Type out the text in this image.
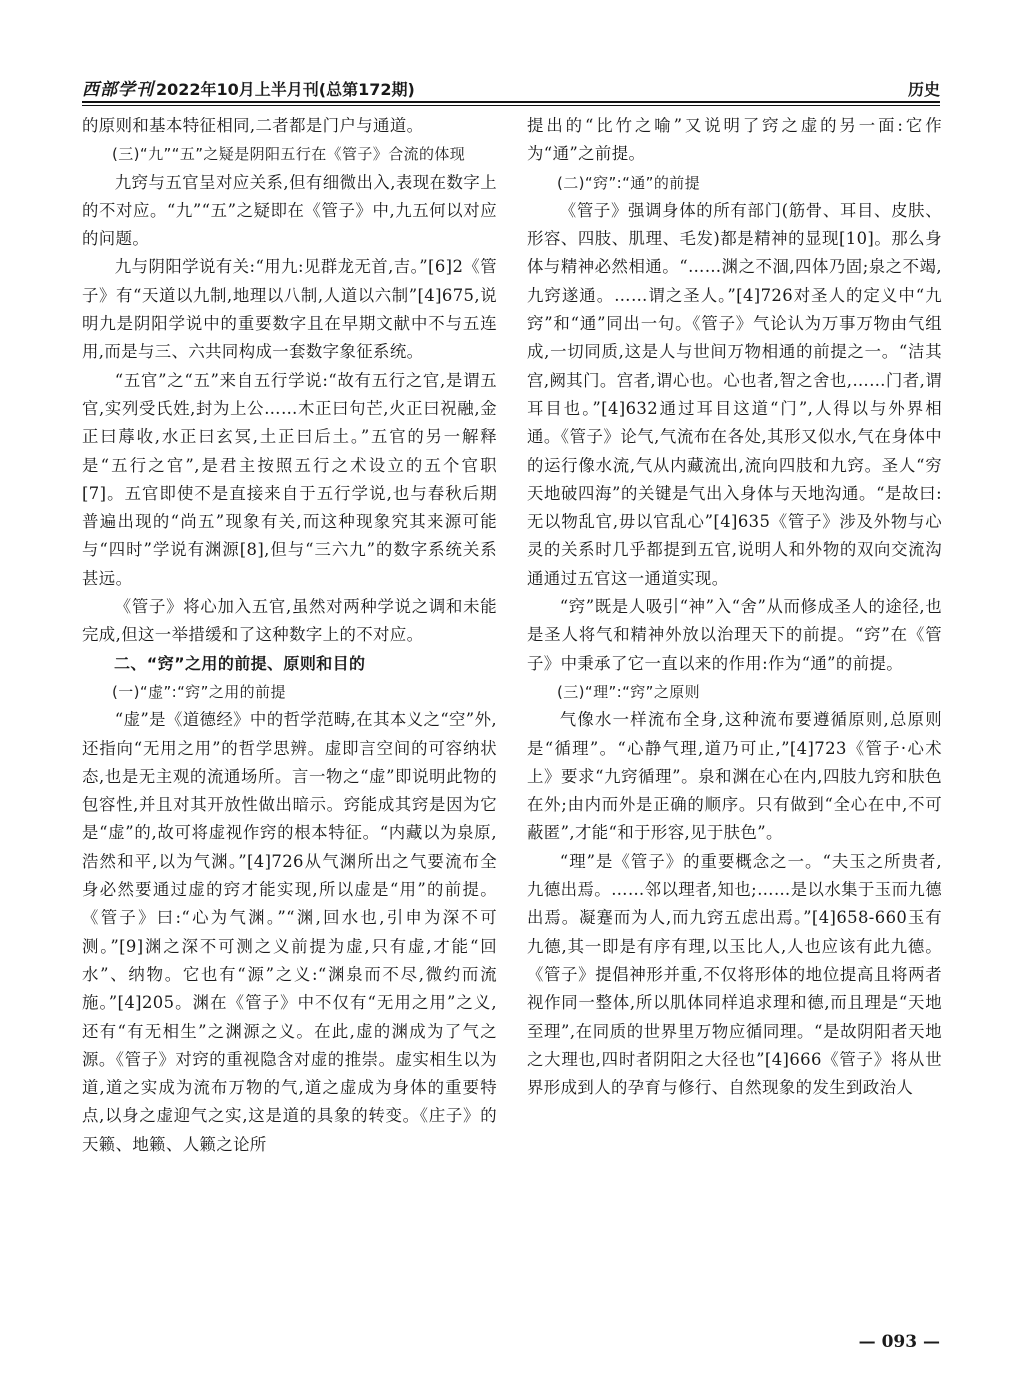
西部学刊 2022年10月上半月刊(总第172期)	历史

的原则和基本特征相同,二者都是门户与通道。

(三)“九”“五”之疑是阴阳五行在《管子》合流的体现

九窍与五官呈对应关系,但有细微出入,表现在数字上的不对应。“九”“五”之疑即在《管子》中,九五何以对应的问题。

九与阴阳学说有关:“用九:见群龙无首,吉。”[6]2《管子》有“天道以九制,地理以八制,人道以六制”[4]675,说明九是阴阳学说中的重要数字且在早期文献中不与五连用,而是与三、六共同构成一套数字象征系统。

“五官”之“五”来自五行学说:“故有五行之官,是谓五官,实列受氏姓,封为上公……木正曰句芒,火正曰祝融,金正曰蓐收,水正曰玄冥,土正曰后土。”五官的另一解释是“五行之官”,是君主按照五行之术设立的五个官职[7]。五官即使不是直接来自于五行学说,也与春秋后期普遍出现的“尚五”现象有关,而这种现象究其来源可能与“四时”学说有渊源[8],但与“三六九”的数字系统关系甚远。

《管子》将心加入五官,虽然对两种学说之调和未能完成,但这一举措缓和了这种数字上的不对应。

二、“窍”之用的前提、原则和目的

(一)“虚”:“窍”之用的前提

“虚”是《道德经》中的哲学范畴,在其本义之“空”外,还指向“无用之用”的哲学思辨。虚即言空间的可容纳状态,也是无主观的流通场所。言一物之“虚”即说明此物的包容性,并且对其开放性做出暗示。窍能成其窍是因为它是“虚”的,故可将虚视作窍的根本特征。“内藏以为泉原,浩然和平,以为气渊。”[4]726从气渊所出之气要流布全身必然要通过虚的窍才能实现,所以虚是“用”的前提。《管子》曰:“心为气渊。”“渊,回水也,引申为深不可测。”[9]渊之深不可测之义前提为虚,只有虚,才能“回水”、纳物。它也有“源”之义:“渊泉而不尽,微约而流施。”[4]205。渊在《管子》中不仅有“无用之用”之义,还有“有无相生”之渊源之义。在此,虚的渊成为了气之源。《管子》对窍的重视隐含对虚的推崇。虚实相生以为道,道之实成为流布万物的气,道之虚成为身体的重要特点,以身之虚迎气之实,这是道的具象的转变。《庄子》的天籁、地籁、人籁之论所

提出的“比竹之喻”又说明了窍之虚的另一面:它作为“通”之前提。

(二)“窍”:“通”的前提

《管子》强调身体的所有部门(筋骨、耳目、皮肤、形容、四肢、肌理、毛发)都是精神的显现[10]。那么身体与精神必然相通。“……渊之不涸,四体乃固;泉之不竭,九窍遂通。……谓之圣人。”[4]726对圣人的定义中“九窍”和“通”同出一句。《管子》气论认为万事万物由气组成,一切同质,这是人与世间万物相通的前提之一。“洁其宫,阙其门。宫者,谓心也。心也者,智之舍也,……门者,谓耳目也。”[4]632通过耳目这道“门”,人得以与外界相通。《管子》论气,气流布在各处,其形又似水,气在身体中的运行像水流,气从内藏流出,流向四肢和九窍。圣人“穷天地破四海”的关键是气出入身体与天地沟通。“是故曰:无以物乱官,毋以官乱心”[4]635《管子》涉及外物与心灵的关系时几乎都提到五官,说明人和外物的双向交流沟通通过五官这一通道实现。

“窍”既是人吸引“神”入“舍”从而修成圣人的途径,也是圣人将气和精神外放以治理天下的前提。“窍”在《管子》中秉承了它一直以来的作用:作为“通”的前提。

(三)“理”:“窍”之原则

气像水一样流布全身,这种流布要遵循原则,总原则是“循理”。“心静气理,道乃可止,”[4]723《管子·心术上》要求“九窍循理”。泉和渊在心在内,四肢九窍和肤色在外;由内而外是正确的顺序。只有做到“全心在中,不可蔽匿”,才能“和于形容,见于肤色”。

“理”是《管子》的重要概念之一。“夫玉之所贵者,九德出焉。……邻以理者,知也;……是以水集于玉而九德出焉。凝蹇而为人,而九窍五虑出焉。”[4]658-660玉有九德,其一即是有序有理,以玉比人,人也应该有此九德。《管子》提倡神形并重,不仅将形体的地位提高且将两者视作同一整体,所以肌体同样追求理和德,而且理是“天地至理”,在同质的世界里万物应循同理。“是故阴阳者天地之大理也,四时者阴阳之大径也”[4]666《管子》将从世界形成到人的孕育与修行、自然现象的发生到政治人

— 093 —
